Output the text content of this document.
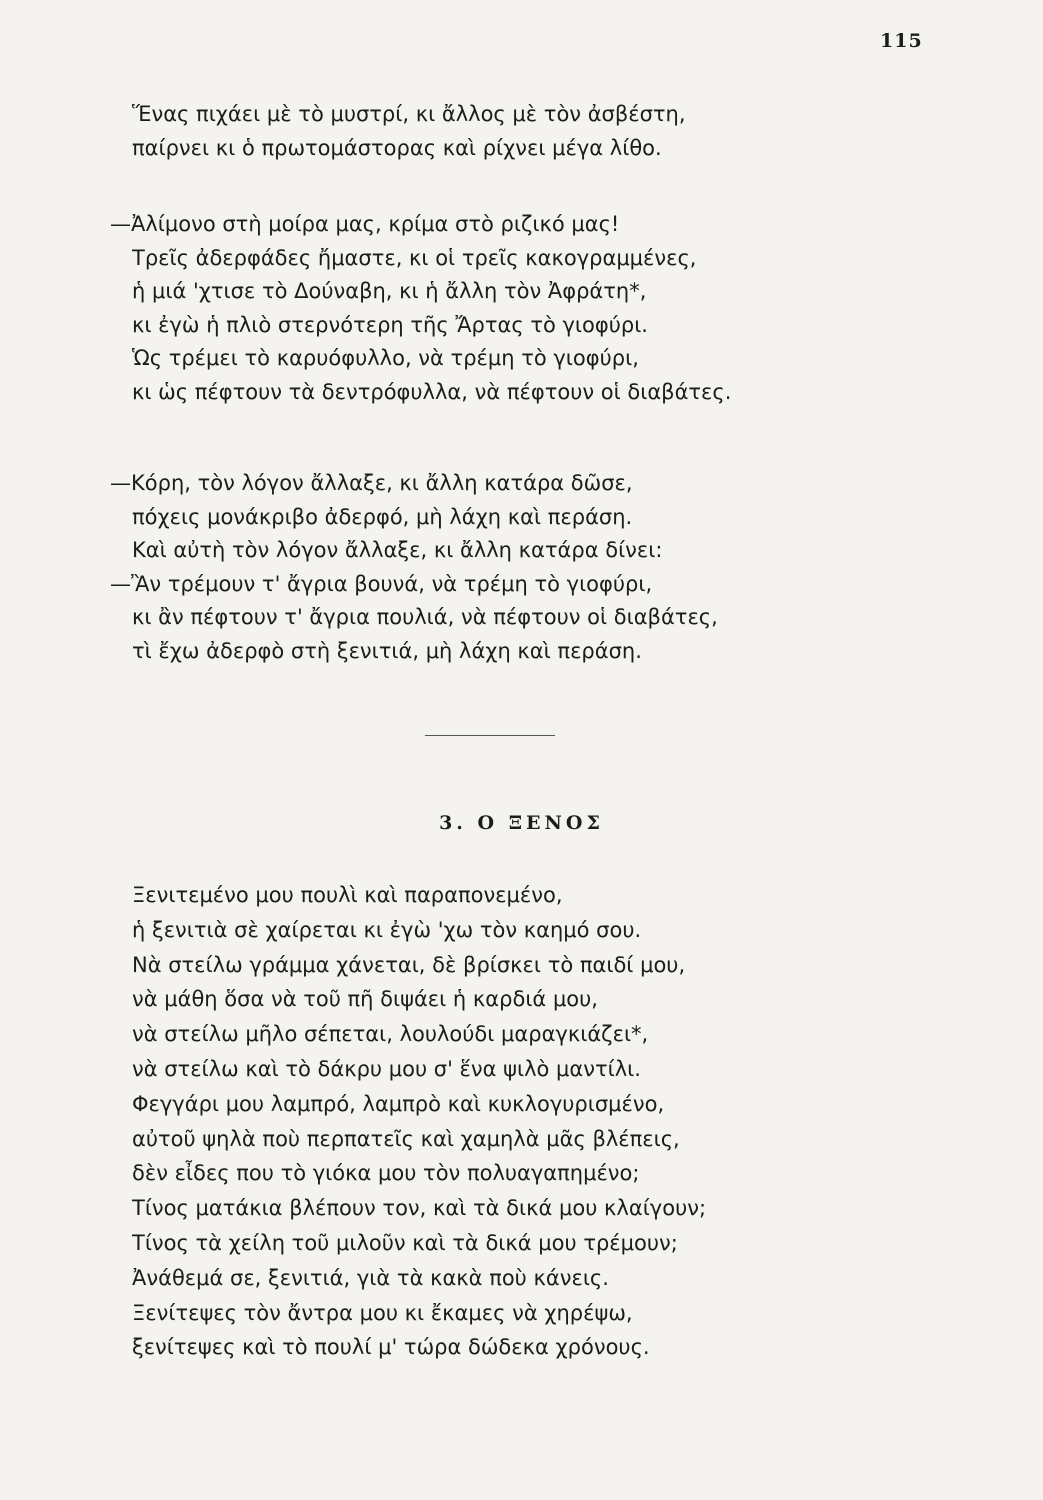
115
Ἕνας πιχάει μὲ τὸ μυστρί, κι ἄλλος μὲ τὸν ἀσβέστη,
παίρνει κι ὁ πρωτομάστορας καὶ ρίχνει μέγα λίθο.
—Ἀλίμονο στὴ μοίρα μας, κρίμα στὸ ριζικό μας!
Τρεῖς ἀδερφάδες ἤμαστε, κι οἱ τρεῖς κακογραμμένες,
ἡ μιά 'χτισε τὸ Δούναβη, κι ἡ ἄλλη τὸν Ἀφράτη*,
κι ἐγὼ ἡ πλιὸ στερνότερη τῆς Ἄρτας τὸ γιοφύρι.
Ὡς τρέμει τὸ καρυόφυλλο, νὰ τρέμη τὸ γιοφύρι,
κι ὡς πέφτουν τὰ δεντρόφυλλα, νὰ πέφτουν οἱ διαβάτες.
—Κόρη, τὸν λόγον ἄλλαξε, κι ἄλλη κατάρα δῶσε,
πόχεις μονάκριβο ἀδερφό, μὴ λάχη καὶ περάση.
Καὶ αὐτὴ τὸν λόγον ἄλλαξε, κι ἄλλη κατάρα δίνει:
—Ἂν τρέμουν τ' ἄγρια βουνά, νὰ τρέμη τὸ γιοφύρι,
κι ἂν πέφτουν τ' ἄγρια πουλιά, νὰ πέφτουν οἱ διαβάτες,
τὶ ἔχω ἀδερφὸ στὴ ξενιτιά, μὴ λάχη καὶ περάση.
3. Ο ΞΕΝΟΣ
Ξενιτεμένο μου πουλὶ καὶ παραπονεμένο,
ἡ ξενιτιὰ σὲ χαίρεται κι ἐγὼ 'χω τὸν καημό σου.
Νὰ στείλω γράμμα χάνεται, δὲ βρίσκει τὸ παιδί μου,
νὰ μάθη ὅσα νὰ τοῦ πῆ διψάει ἡ καρδιά μου,
νὰ στείλω μῆλο σέπεται, λουλούδι μαραγκιάζει*,
νὰ στείλω καὶ τὸ δάκρυ μου σ' ἕνα ψιλὸ μαντίλι.
Φεγγάρι μου λαμπρό, λαμπρὸ καὶ κυκλογυρισμένο,
αὐτοῦ ψηλὰ ποὺ περπατεῖς καὶ χαμηλὰ μᾶς βλέπεις,
δὲν εἶδες που τὸ γιόκα μου τὸν πολυαγαπημένο;
Τίνος ματάκια βλέπουν τον, καὶ τὰ δικά μου κλαίγουν;
Τίνος τὰ χείλη τοῦ μιλοῦν καὶ τὰ δικά μου τρέμουν;
Ἀνάθεμά σε, ξενιτιά, γιὰ τὰ κακὰ ποὺ κάνεις.
Ξενίτεψες τὸν ἄντρα μου κι ἔκαμες νὰ χηρέψω,
ξενίτεψες καὶ τὸ πουλί μ' τώρα δώδεκα χρόνους.
